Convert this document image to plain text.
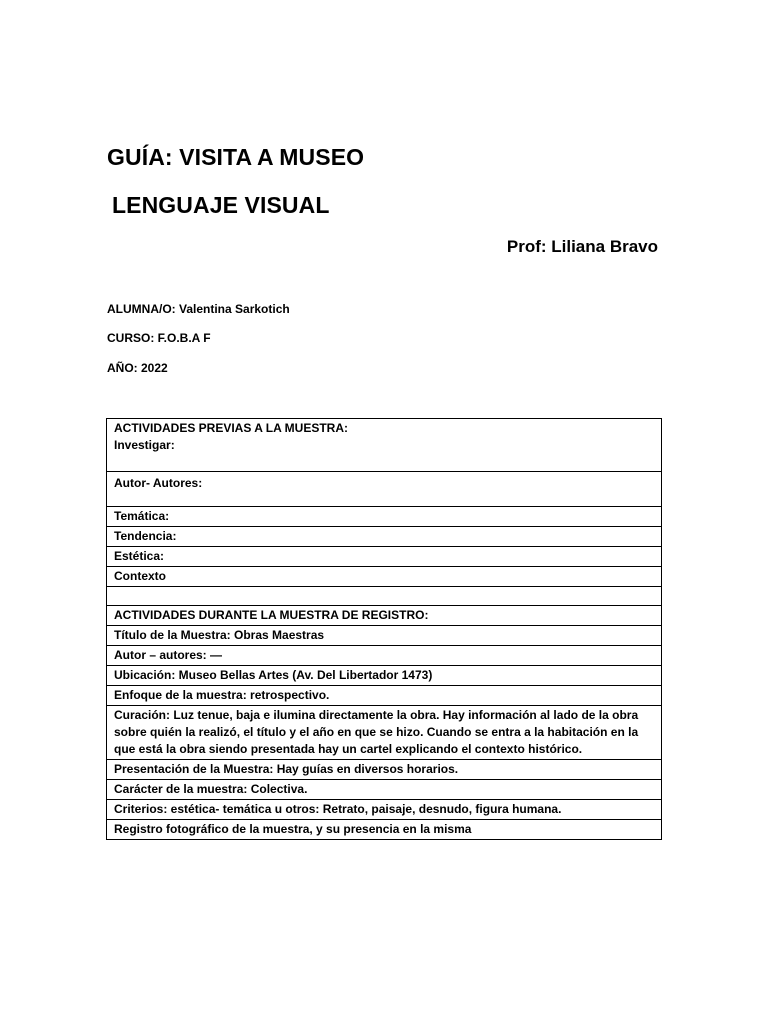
GUÍA: VISITA A MUSEO
LENGUAJE VISUAL
Prof: Liliana Bravo
ALUMNA/O: Valentina Sarkotich
CURSO: F.O.B.A F
AÑO: 2022
ACTIVIDADES PREVIAS A LA MUESTRA:
Investigar:

Autor- Autores:

Temática:

Tendencia:

Estética:

Contexto

ACTIVIDADES DURANTE LA MUESTRA DE REGISTRO:

Título de la Muestra: Obras Maestras

Autor – autores: —

Ubicación: Museo Bellas Artes (Av. Del Libertador 1473)

Enfoque de la muestra: retrospectivo.

Curación: Luz tenue, baja e ilumina directamente la obra. Hay información al lado de la obra sobre quién la realizó, el título y el año en que se hizo. Cuando se entra a la habitación en la que está la obra siendo presentada hay un cartel explicando el contexto histórico.

Presentación de la Muestra: Hay guías en diversos horarios.

Carácter de la muestra: Colectiva.

Criterios: estética- temática u otros: Retrato, paisaje, desnudo, figura humana.

Registro fotográfico de la muestra, y su presencia en la misma
